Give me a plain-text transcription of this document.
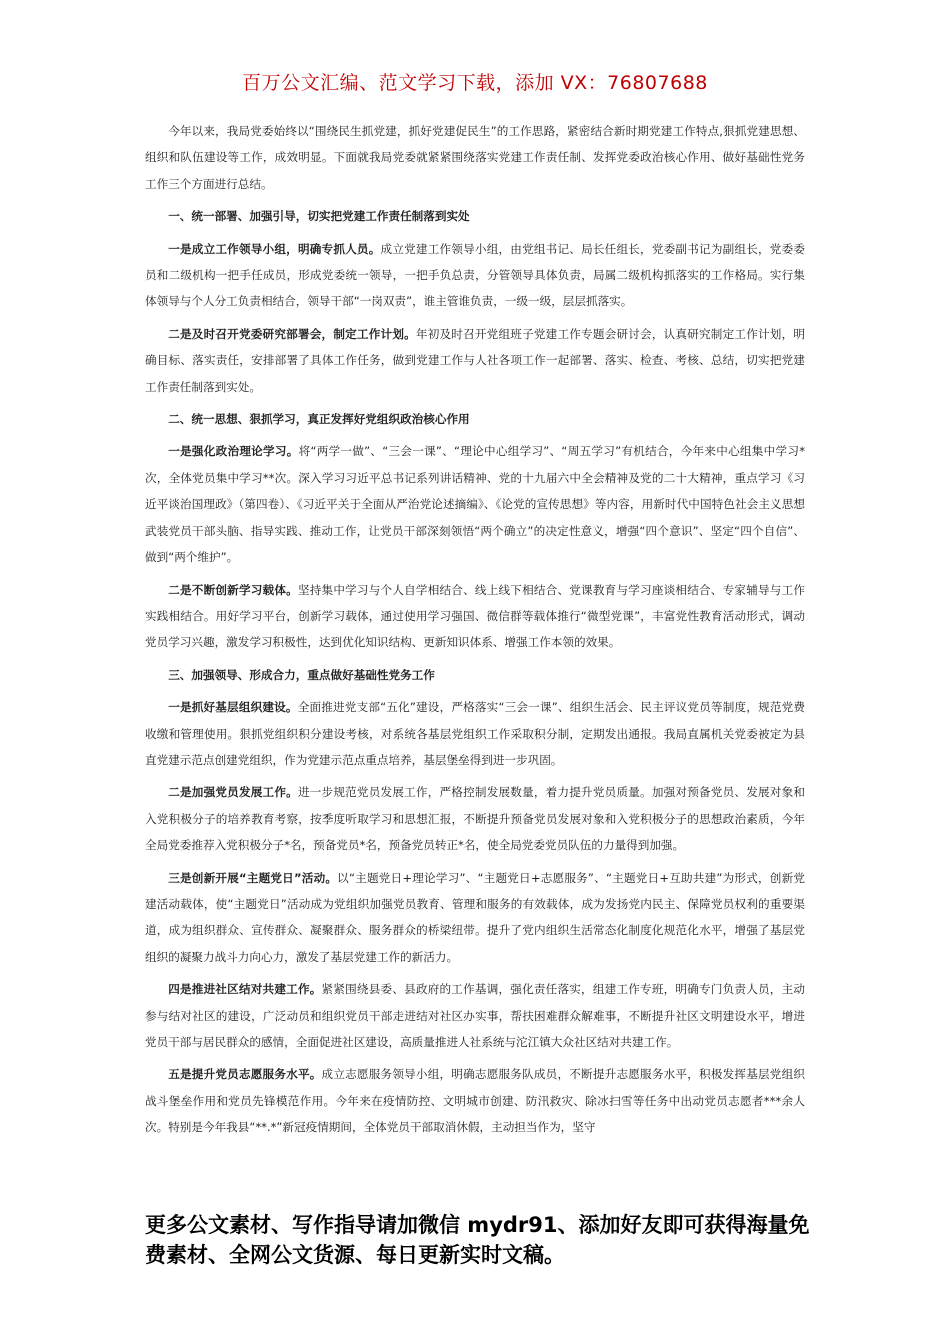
百万公文汇编、范文学习下载，添加 VX：76807688

今年以来，我局党委始终以“围绕民生抓党建，抓好党建促民生”的工作思路，紧密结合新时期党建工作特点,狠抓党建思想、组织和队伍建设等工作，成效明显。下面就我局党委就紧紧围绕落实党建工作责任制、发挥党委政治核心作用、做好基础性党务工作三个方面进行总结。

一、统一部署、加强引导，切实把党建工作责任制落到实处

一是成立工作领导小组，明确专抓人员。成立党建工作领导小组，由党组书记、局长任组长，党委副书记为副组长，党委委员和二级机构一把手任成员，形成党委统一领导，一把手负总责，分管领导具体负责，局属二级机构抓落实的工作格局。实行集体领导与个人分工负责相结合，领导干部“一岗双责”，谁主管谁负责，一级一级，层层抓落实。

二是及时召开党委研究部署会，制定工作计划。年初及时召开党组班子党建工作专题会研讨会，认真研究制定工作计划，明确目标、落实责任，安排部署了具体工作任务，做到党建工作与人社各项工作一起部署、落实、检查、考核、总结，切实把党建工作责任制落到实处。

二、统一思想、狠抓学习，真正发挥好党组织政治核心作用

一是强化政治理论学习。将“两学一做”、“三会一课”、“理论中心组学习”、“周五学习”有机结合，今年来中心组集中学习*次，全体党员集中学习**次。深入学习习近平总书记系列讲话精神、党的十九届六中全会精神及党的二十大精神，重点学习《习近平谈治国理政》（第四卷）、《习近平关于全面从严治党论述摘编》、《论党的宣传思想》等内容，用新时代中国特色社会主义思想武装党员干部头脑、指导实践、推动工作，让党员干部深刻领悟“两个确立”的决定性意义，增强“四个意识”、坚定“四个自信”、做到“两个维护”。

二是不断创新学习载体。坚持集中学习与个人自学相结合、线上线下相结合、党课教育与学习座谈相结合、专家辅导与工作实践相结合。用好学习平台，创新学习载体，通过使用学习强国、微信群等载体推行“微型党课”，丰富党性教育活动形式，调动党员学习兴趣，激发学习积极性，达到优化知识结构、更新知识体系、增强工作本领的效果。

三、加强领导、形成合力，重点做好基础性党务工作

一是抓好基层组织建设。全面推进党支部“五化”建设，严格落实“三会一课”、组织生活会、民主评议党员等制度，规范党费收缴和管理使用。狠抓党组织积分建设考核，对系统各基层党组织工作采取积分制，定期发出通报。我局直属机关党委被定为县直党建示范点创建党组织，作为党建示范点重点培养，基层堡垒得到进一步巩固。

二是加强党员发展工作。进一步规范党员发展工作，严格控制发展数量，着力提升党员质量。加强对预备党员、发展对象和入党积极分子的培养教育考察，按季度听取学习和思想汇报，不断提升预备党员发展对象和入党积极分子的思想政治素质，今年全局党委推荐入党积极分子*名，预备党员*名，预备党员转正*名，使全局党委党员队伍的力量得到加强。

三是创新开展“主题党日”活动。以“主题党日+理论学习”、“主题党日+志愿服务”、“主题党日+互助共建”为形式，创新党建活动载体，使“主题党日”活动成为党组织加强党员教育、管理和服务的有效载体，成为发扬党内民主、保障党员权利的重要渠道，成为组织群众、宣传群众、凝聚群众、服务群众的桥梁纽带。提升了党内组织生活常态化制度化规范化水平，增强了基层党组织的凝聚力战斗力向心力，激发了基层党建工作的新活力。

四是推进社区结对共建工作。紧紧围绕县委、县政府的工作基调，强化责任落实，组建工作专班，明确专门负责人员，主动参与结对社区的建设，广泛动员和组织党员干部走进结对社区办实事，帮扶困难群众解难事，不断提升社区文明建设水平，增进党员干部与居民群众的感情，全面促进社区建设，高质量推进人社系统与沱江镇大众社区结对共建工作。

五是提升党员志愿服务水平。成立志愿服务领导小组，明确志愿服务队成员，不断提升志愿服务水平，积极发挥基层党组织战斗堡垒作用和党员先锋模范作用。今年来在疫情防控、文明城市创建、防汛救灾、除冰扫雪等任务中出动党员志愿者***余人次。特别是今年我县“**.*”新冠疫情期间，全体党员干部取消休假，主动担当作为，坚守

更多公文素材、写作指导请加微信 mydr91、添加好友即可获得海量免费素材、全网公文货源、每日更新实时文稿。
